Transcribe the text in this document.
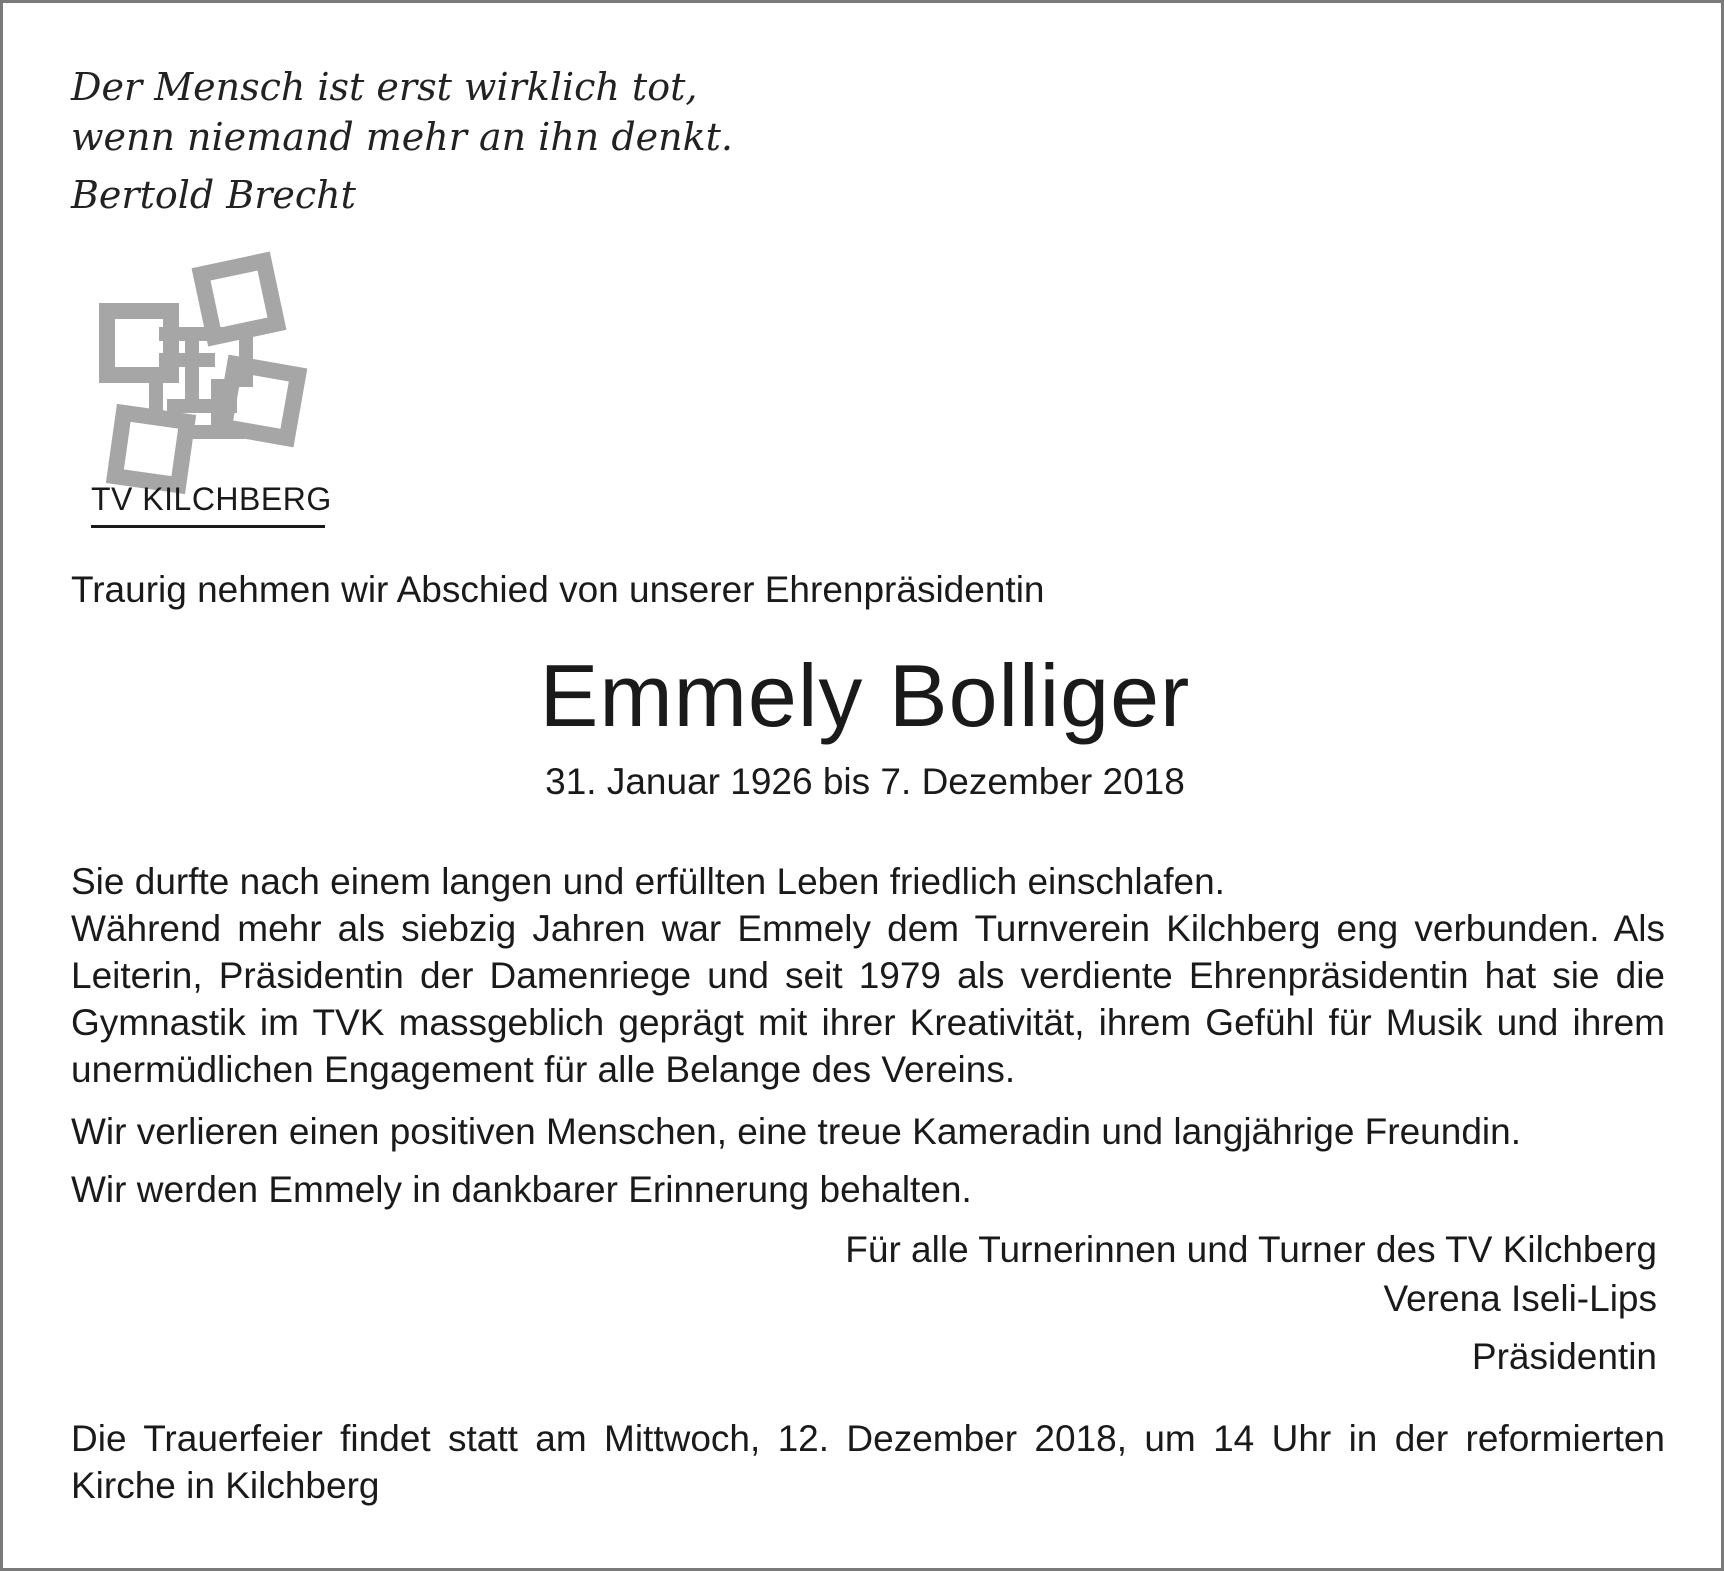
Der Mensch ist erst wirklich tot,

wenn niemand mehr an ihn denkt.

Bertold Brecht

TV KILCHBERG

Traurig nehmen wir Abschied von unserer Ehrenpräsidentin

Emmely Bolliger

31. Januar 1926 bis 7. Dezember 2018

Sie durfte nach einem langen und erfüllten Leben friedlich einschlafen.

Während mehr als siebzig Jahren war Emmely dem Turnverein Kilchberg eng verbunden. Als Leiterin, Präsidentin der Damenriege und seit 1979 als verdiente Ehrenpräsidentin hat sie die Gymnastik im TVK massgeblich geprägt mit ihrer Kreativität, ihrem Gefühl für Musik und ihrem unermüdlichen Engagement für alle Belange des Vereins.

Wir verlieren einen positiven Menschen, eine treue Kameradin und langjährige Freundin.

Wir werden Emmely in dankbarer Erinnerung behalten.

Für alle Turnerinnen und Turner des TV Kilchberg

Verena Iseli-Lips

Präsidentin

Die Trauerfeier findet statt am Mittwoch, 12. Dezember 2018, um 14 Uhr in der reformierten Kirche in Kilchberg
